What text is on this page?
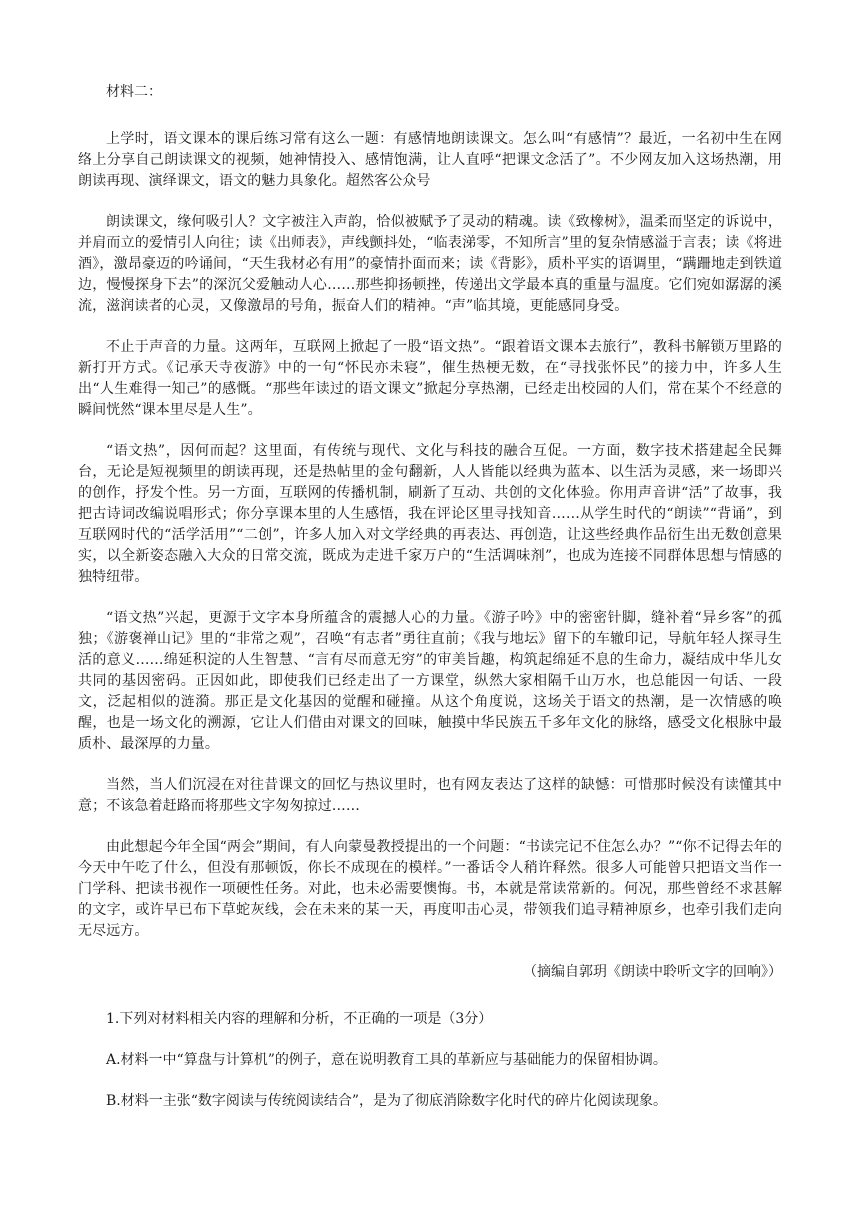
材料二：

上学时，语文课本的课后练习常有这么一题：有感情地朗读课文。怎么叫“有感情”？最近，一名初中生在网络上分享自己朗读课文的视频，她神情投入、感情饱满，让人直呼“把课文念活了”。不少网友加入这场热潮，用朗读再现、演绎课文，语文的魅力具象化。超然客公众号

朗读课文，缘何吸引人？文字被注入声韵，恰似被赋予了灵动的精魂。读《致橡树》，温柔而坚定的诉说中，并肩而立的爱情引人向往；读《出师表》，声线颤抖处，“临表涕零，不知所言”里的复杂情感溢于言表；读《将进酒》，激昂豪迈的吟诵间，“天生我材必有用”的豪情扑面而来；读《背影》，质朴平实的语调里，“蹒跚地走到铁道边，慢慢探身下去”的深沉父爱触动人心……那些抑扬顿挫，传递出文学最本真的重量与温度。它们宛如潺潺的溪流，滋润读者的心灵，又像激昂的号角，振奋人们的精神。“声”临其境，更能感同身受。

不止于声音的力量。这两年，互联网上掀起了一股“语文热”。“跟着语文课本去旅行”，教科书解锁万里路的新打开方式。《记承天寺夜游》中的一句“怀民亦未寝”，催生热梗无数，在“寻找张怀民”的接力中，许多人生出“人生难得一知己”的感慨。“那些年读过的语文课文”掀起分享热潮，已经走出校园的人们，常在某个不经意的瞬间恍然“课本里尽是人生”。

“语文热”，因何而起？这里面，有传统与现代、文化与科技的融合互促。一方面，数字技术搭建起全民舞台，无论是短视频里的朗读再现，还是热帖里的金句翻新，人人皆能以经典为蓝本、以生活为灵感，来一场即兴的创作，抒发个性。另一方面，互联网的传播机制，刷新了互动、共创的文化体验。你用声音讲“活”了故事，我把古诗词改编说唱形式；你分享课本里的人生感悟，我在评论区里寻找知音……从学生时代的“朗读”“背诵”，到互联网时代的“活学活用”“二创”，许多人加入对文学经典的再表达、再创造，让这些经典作品衍生出无数创意果实，以全新姿态融入大众的日常交流，既成为走进千家万户的“生活调味剂”，也成为连接不同群体思想与情感的独特纽带。

“语文热”兴起，更源于文字本身所蕴含的震撼人心的力量。《游子吟》中的密密针脚，缝补着“异乡客”的孤独；《游褒禅山记》里的“非常之观”，召唤“有志者”勇往直前；《我与地坛》留下的车辙印记，导航年轻人探寻生活的意义……绵延积淀的人生智慧、“言有尽而意无穷”的审美旨趣，构筑起绵延不息的生命力，凝结成中华儿女共同的基因密码。正因如此，即使我们已经走出了一方课堂，纵然大家相隔千山万水，也总能因一句话、一段文，泛起相似的涟漪。那正是文化基因的觉醒和碰撞。从这个角度说，这场关于语文的热潮，是一次情感的唤醒，也是一场文化的溯源，它让人们借由对课文的回味，触摸中华民族五千多年文化的脉络，感受文化根脉中最质朴、最深厚的力量。

当然，当人们沉浸在对往昔课文的回忆与热议里时，也有网友表达了这样的缺憾：可惜那时候没有读懂其中意；不该急着赶路而将那些文字匆匆掠过……

由此想起今年全国“两会”期间，有人向蒙曼教授提出的一个问题：“书读完记不住怎么办？”“你不记得去年的今天中午吃了什么，但没有那顿饭，你长不成现在的模样。”一番话令人稍许释然。很多人可能曾只把语文当作一门学科、把读书视作一项硬性任务。对此，也未必需要懊悔。书，本就是常读常新的。何况，那些曾经不求甚解的文字，或许早已布下草蛇灰线，会在未来的某一天，再度叩击心灵，带领我们追寻精神原乡，也牵引我们走向无尽远方。

（摘编自郭玥《朗读中聆听文字的回响》）

1.下列对材料相关内容的理解和分析，不正确的一项是（3分）

A.材料一中“算盘与计算机”的例子，意在说明教育工具的革新应与基础能力的保留相协调。

B.材料一主张“数字阅读与传统阅读结合”，是为了彻底消除数字化时代的碎片化阅读现象。
